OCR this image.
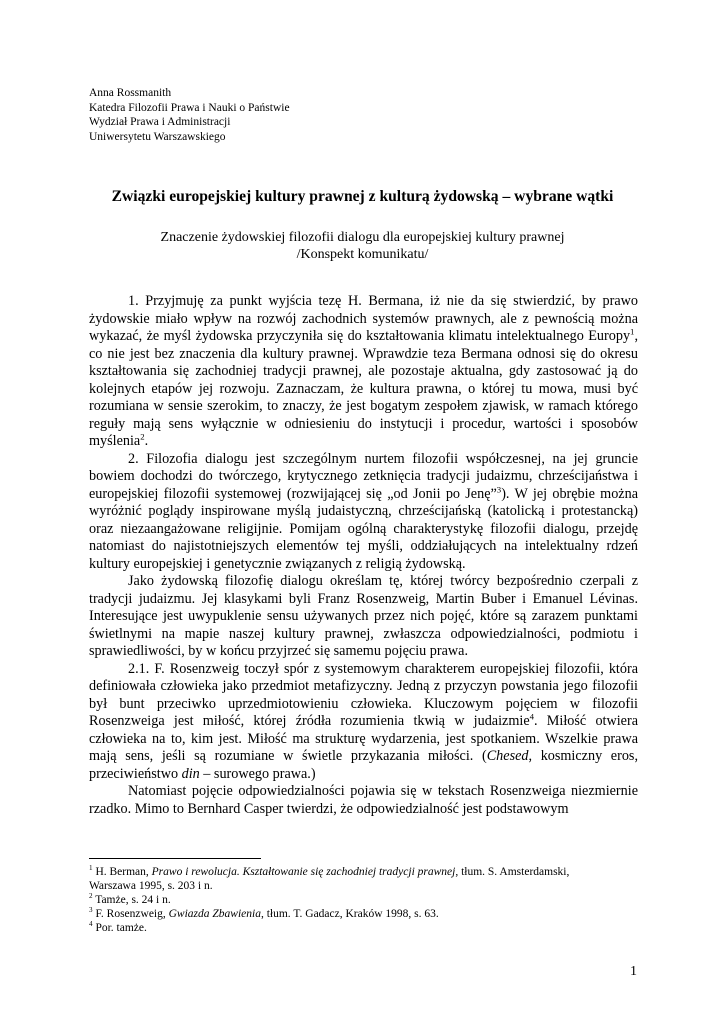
Anna Rossmanith
Katedra Filozofii Prawa i Nauki o Państwie
Wydział Prawa i Administracji
Uniwersytetu Warszawskiego
Związki europejskiej kultury prawnej z kulturą żydowską – wybrane wątki
Znaczenie żydowskiej filozofii dialogu dla europejskiej kultury prawnej
/Konspekt komunikatu/

1. Przyjmuję za punkt wyjścia tezę H. Bermana, iż nie da się stwierdzić, by prawo żydowskie miało wpływ na rozwój zachodnich systemów prawnych, ale z pewnością można wykazać, że myśl żydowska przyczyniła się do kształtowania klimatu intelektualnego Europy$^1$, co nie jest bez znaczenia dla kultury prawnej. Wprawdzie teza Bermana odnosi się do okresu kształtowania się zachodniej tradycji prawnej, ale pozostaje aktualna, gdy zastosować ją do kolejnych etapów jej rozwoju. Zaznaczam, że kultura prawna, o której tu mowa, musi być rozumiana w sensie szerokim, to znaczy, że jest bogatym zespołem zjawisk, w ramach którego reguły mają sens wyłącznie w odniesieniu do instytucji i procedur, wartości i sposobów myślenia$^2$.

2. Filozofia dialogu jest szczególnym nurtem filozofii współczesnej, na jej gruncie bowiem dochodzi do twórczego, krytycznego zetknięcia tradycji judaizmu, chrześcijaństwa i europejskiej filozofii systemowej (rozwijającej się „od Jonii po Jenę”$^3$). W jej obrębie można wyróżnić poglądy inspirowane myślą judaistyczną, chrześcijańską (katolicką i protestancką) oraz niezaangażowane religijnie. Pomijam ogólną charakterystykę filozofii dialogu, przejdę natomiast do najistotniejszych elementów tej myśli, oddziałujących na intelektualny rdzeń kultury europejskiej i genetycznie związanych z religią żydowską.

Jako żydowską filozofię dialogu określam tę, której twórcy bezpośrednio czerpali z tradycji judaizmu. Jej klasykami byli Franz Rosenzweig, Martin Buber i Emanuel Lévinas. Interesujące jest uwypuklenie sensu używanych przez nich pojęć, które są zarazem punktami świetlnymi na mapie naszej kultury prawnej, zwłaszcza odpowiedzialności, podmiotu i sprawiedliwości, by w końcu przyjrzeć się samemu pojęciu prawa.

2.1. F. Rosenzweig toczył spór z systemowym charakterem europejskiej filozofii, która definiowała człowieka jako przedmiot metafizyczny. Jedną z przyczyn powstania jego filozofii był bunt przeciwko uprzedmiotowieniu człowieka. Kluczowym pojęciem w filozofii Rosenzweiga jest miłość, której źródła rozumienia tkwią w judaizmie$^4$. Miłość otwiera człowieka na to, kim jest. Miłość ma strukturę wydarzenia, jest spotkaniem. Wszelkie prawa mają sens, jeśli są rozumiane w świetle przykazania miłości. (Chesed, kosmiczny eros, przeciwieństwo din – surowego prawa.)

Natomiast pojęcie odpowiedzialności pojawia się w tekstach Rosenzweiga niezmiernie rzadko. Mimo to Bernhard Casper twierdzi, że odpowiedzialność jest podstawowym

$^1$ H. Berman, Prawo i rewolucja. Kształtowanie się zachodniej tradycji prawnej, tłum. S. Amsterdamski,
Warszawa 1995, s. 203 i n.
$^2$ Tamże, s. 24 i n.
$^3$ F. Rosenzweig, Gwiazda Zbawienia, tłum. T. Gadacz, Kraków 1998, s. 63.
$^4$ Por. tamże.
1
